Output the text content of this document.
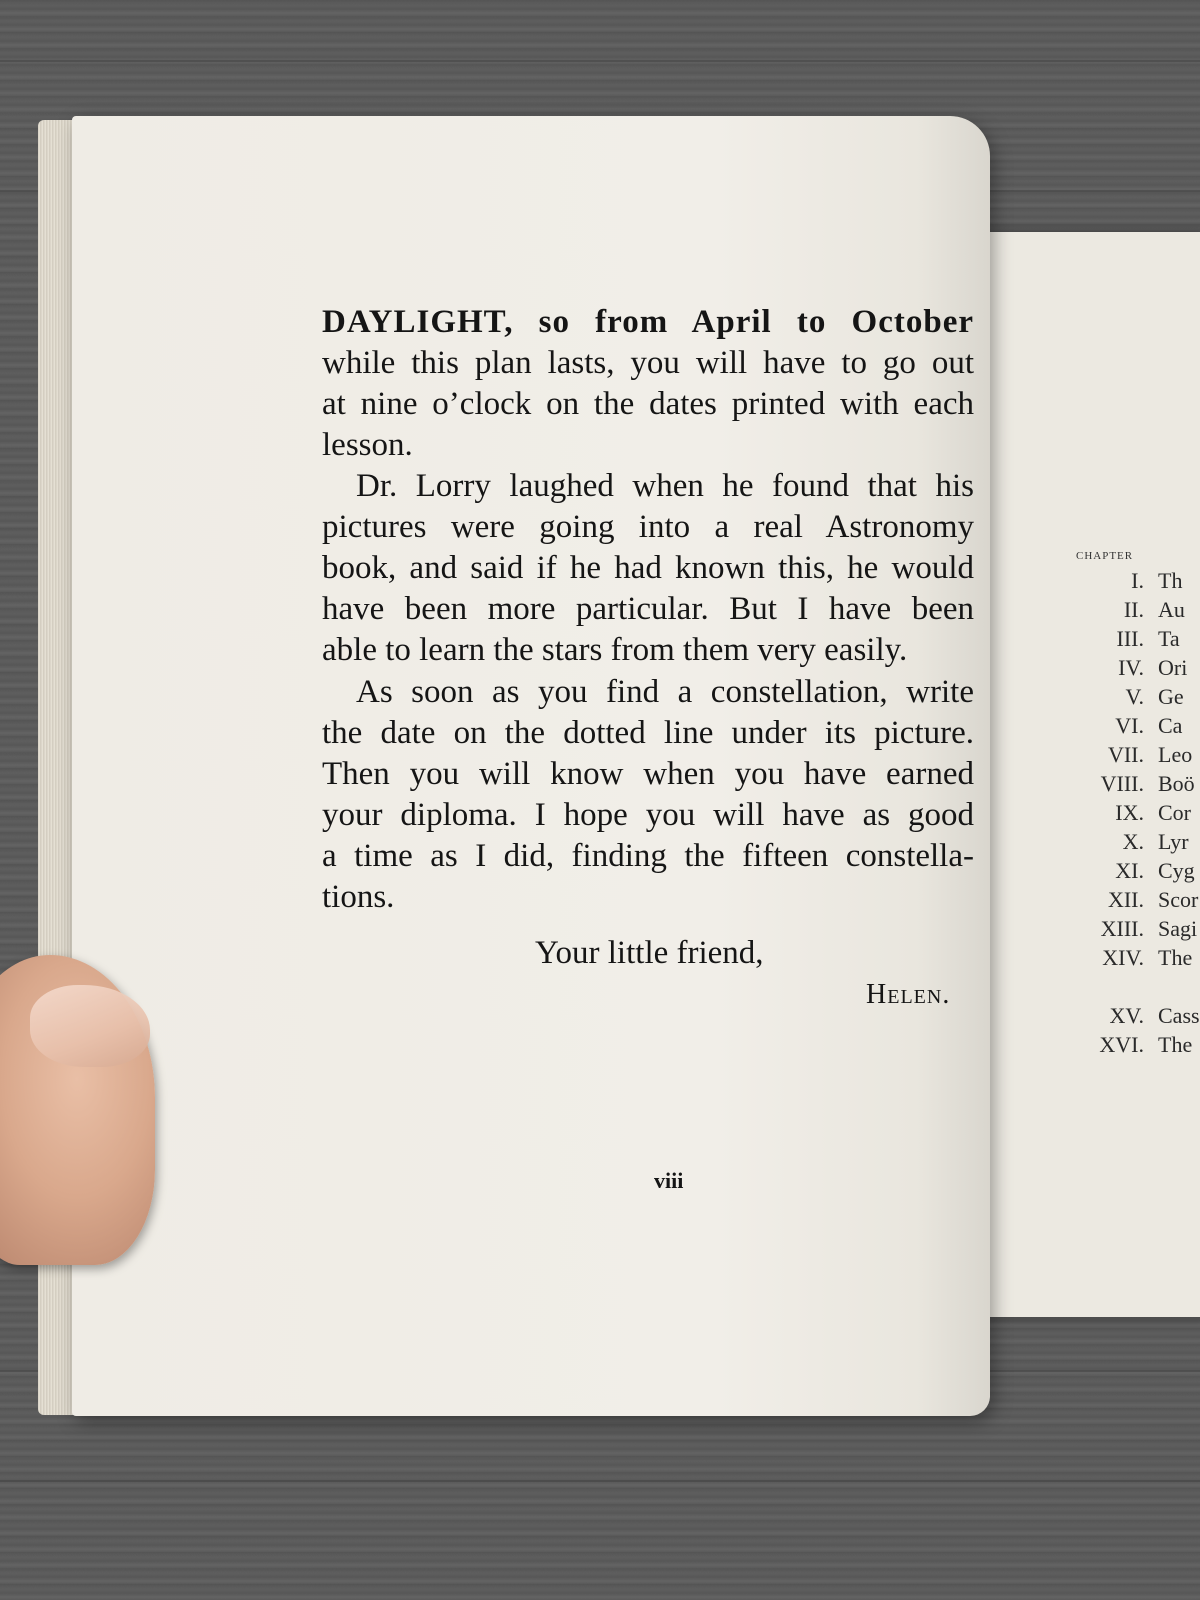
CHAPTER
I. Th
II. Au
III. Ta
IV. Ori
V. Ge
VI. Ca
VII. Leo
VIII. Boö
IX. Cor
X. Lyr
XI. Cyg
XII. Scor
XIII. Sagi
XIV. The
XV. Cass
XVI. The
DAYLIGHT, so from April to October
while this plan lasts, you will have to go out
at nine o’clock on the dates printed with each
lesson.
Dr. Lorry laughed when he found that his
pictures were going into a real Astronomy
book, and said if he had known this, he would
have been more particular. But I have been
able to learn the stars from them very easily.
As soon as you find a constellation, write
the date on the dotted line under its picture.
Then you will know when you have earned
your diploma. I hope you will have as good
a time as I did, finding the fifteen constella-
tions.
Your little friend,
Helen.
viii
